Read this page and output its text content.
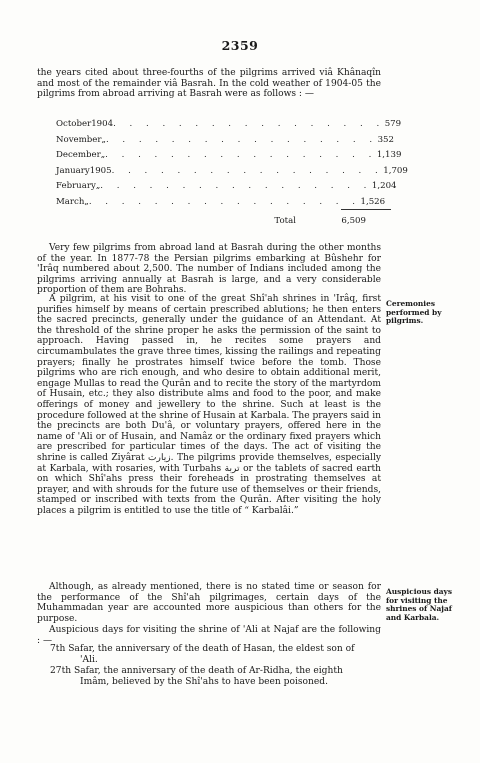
2359

the years cited about three-fourths of the pilgrims arrived viâ Khânaqîn and most of the remainder viâ Basrah. In the cold weather of 1904-05 the pilgrims from abroad arriving at Basrah were as follows : —

October 1904 . . . . . . . . . . . . . . . . . 579
November „ . . . . . . . . . . . . . . . . . 352
December „ . . . . . . . . . . . . . . . . . 1,139
January 1905 . . . . . . . . . . . . . . . . . 1,709
February „ . . . . . . . . . . . . . . . . . 1,204
March „ . . . . . . . . . . . . . . . . . 1,526
Total	6,509

Very few pilgrims from abroad land at Basrah during the other months of the year. In 1877-78 the Persian pilgrims embarking at Bûshehr for 'Irâq numbered about 2,500. The number of Indians included among the pilgrims arriving annually at Basrah is large, and a very considerable proportion of them are Bohrahs.

A pilgrim, at his visit to one of the great Shî'ah shrines in 'Irâq, first purifies himself by means of certain prescribed ablutions; he then enters the sacred precincts, generally under the guidance of an Attendant. At the threshold of the shrine proper he asks the permission of the saint to approach. Having passed in, he recites some prayers and circumambulates the grave three times, kissing the railings and repeating prayers; finally he prostrates himself twice before the tomb. Those pilgrims who are rich enough, and who desire to obtain additional merit, engage Mullas to read the Qurân and to recite the story of the martyrdom of Husain, etc.; they also distribute alms and food to the poor, and make offerings of money and jewellery to the shrine. Such at least is the procedure followed at the shrine of Husain at Karbala. The prayers said in the precincts are both Du'â, or voluntary prayers, offered here in the name of 'Ali or of Husain, and Namâz or the ordinary fixed prayers which are prescribed for particular times of the days. The act of visiting the shrine is called Ziyârat زیارت. The pilgrims provide themselves, especially at Karbala, with rosaries, with Turbahs تربة or the tablets of sacred earth on which Shî'ahs press their foreheads in prostrating themselves at prayer, and with shrouds for the future use of themselves or their friends, stamped or inscribed with texts from the Qurân. After visiting the holy places a pilgrim is entitled to use the title of “ Karbalâi.”

Ceremonies performed by pilgrims.

Although, as already mentioned, there is no stated time or season for the performance of the Shî'ah pilgrimages, certain days of the Muhammadan year are accounted more auspicious than others for the purpose.

Auspicious days for visiting the shrines of Najaf and Karbala.

Auspicious days for visiting the shrine of 'Ali at Najaf are the following : —

7th Safar, the anniversary of the death of Hasan, the eldest son of
'Ali.
27th Safar, the anniversary of the death of Ar-Ridha, the eighth
Imâm, believed by the Shî'ahs to have been poisoned.
